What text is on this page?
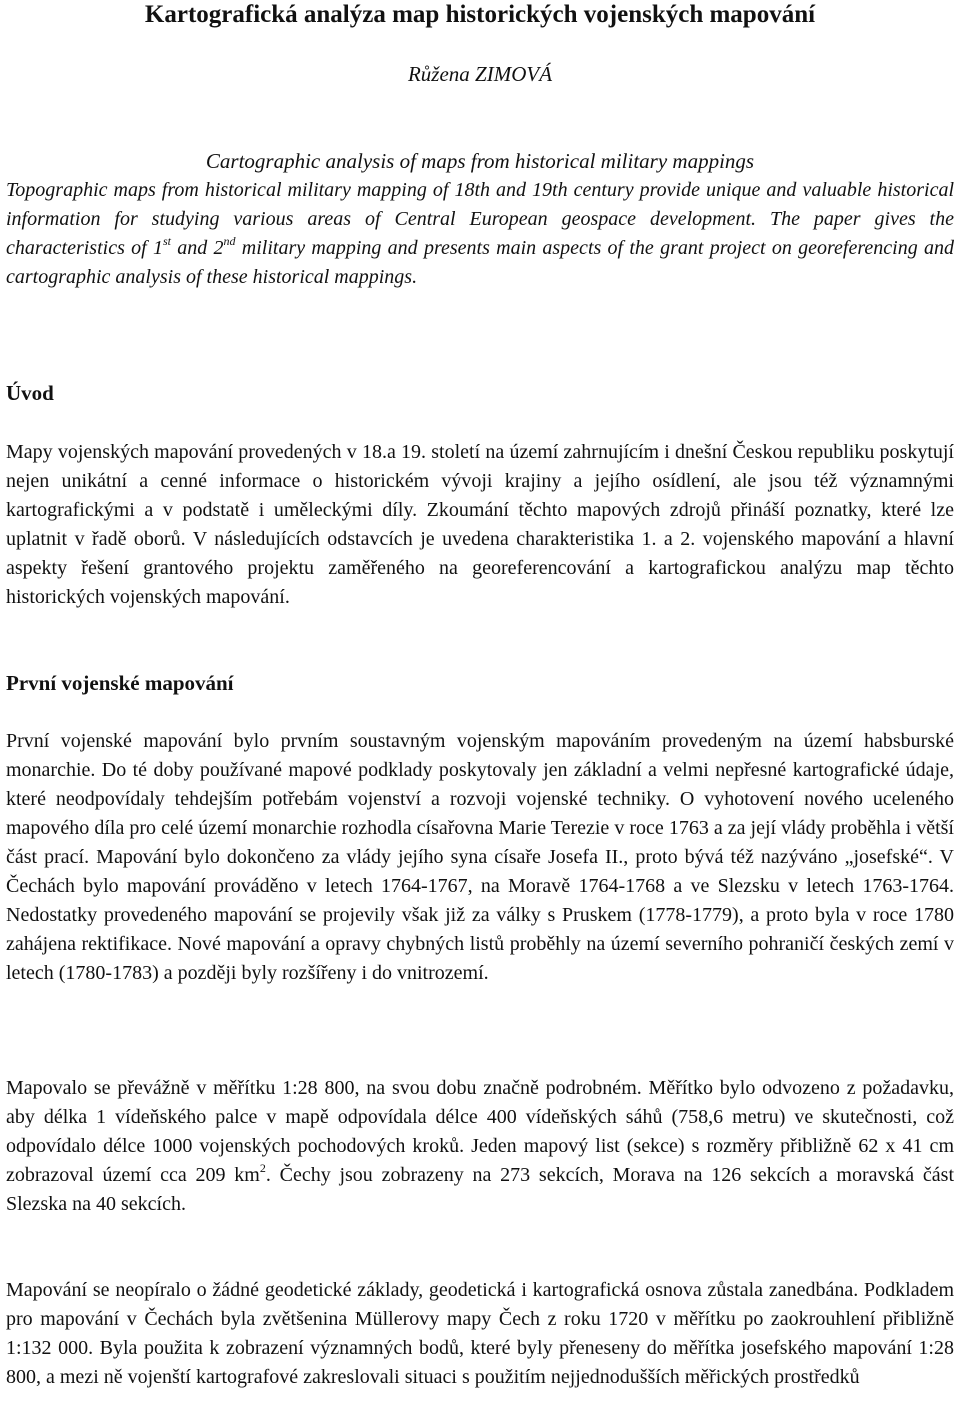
Kartografická analýza map historických vojenských mapování

Růžena ZIMOVÁ

Cartographic analysis of maps from historical military mappings

Topographic maps from historical military mapping of 18th and 19th century provide unique and valuable historical information for studying various areas of Central European geospace development. The paper gives the characteristics of 1st and 2nd military mapping and presents main aspects of the grant project on georeferencing and cartographic analysis of these historical mappings.

Úvod

Mapy vojenských mapování provedených v 18.a 19. století na území zahrnujícím i dnešní Českou republiku poskytují nejen unikátní a cenné informace o historickém vývoji krajiny a jejího osídlení, ale jsou též významnými kartografickými a v podstatě i uměleckými díly. Zkoumání těchto mapových zdrojů přináší poznatky, které lze uplatnit v řadě oborů. V následujících odstavcích je uvedena charakteristika 1. a 2. vojenského mapování a hlavní aspekty řešení grantového projektu zaměřeného na georeferencování a kartografickou analýzu map těchto historických vojenských mapování.

První vojenské mapování

První vojenské mapování bylo prvním soustavným vojenským mapováním provedeným na území habsburské monarchie. Do té doby používané mapové podklady poskytovaly jen základní a velmi nepřesné kartografické údaje, které neodpovídaly tehdejším potřebám vojenství a rozvoji vojenské techniky. O vyhotovení nového uceleného mapového díla pro celé území monarchie rozhodla císařovna Marie Terezie v roce 1763 a za její vlády proběhla i větší část prací. Mapování bylo dokončeno za vlády jejího syna císaře Josefa II., proto bývá též nazýváno „josefské“. V Čechách bylo mapování prováděno v letech 1764-1767, na Moravě 1764-1768 a ve Slezsku v letech 1763-1764. Nedostatky provedeného mapování se projevily však již za války s Pruskem (1778-1779), a proto byla v roce 1780 zahájena rektifikace. Nové mapování a opravy chybných listů proběhly na území severního pohraničí českých zemí v letech (1780-1783) a později byly rozšířeny i do vnitrozemí.

Mapovalo se převážně v měřítku 1:28 800, na svou dobu značně podrobném. Měřítko bylo odvozeno z požadavku, aby délka 1 vídeňského palce v mapě odpovídala délce 400 vídeňských sáhů (758,6 metru) ve skutečnosti, což odpovídalo délce 1000 vojenských pochodových kroků. Jeden mapový list (sekce) s rozměry přibližně 62 x 41 cm zobrazoval území cca 209 $km^2$. Čechy jsou zobrazeny na 273 sekcích, Morava na 126 sekcích a moravská část Slezska na 40 sekcích.

Mapování se neopíralo o žádné geodetické základy, geodetická i kartografická osnova zůstala zanedbána. Podkladem pro mapování v Čechách byla zvětšenina Müllerovy mapy Čech z roku 1720 v měřítku po zaokrouhlení přibližně 1:132 000. Byla použita k zobrazení významných bodů, které byly přeneseny do měřítka josefského mapování 1:28 800, a mezi ně vojenští kartografové zakreslovali situaci s použitím nejjednodušších měřických prostředků
